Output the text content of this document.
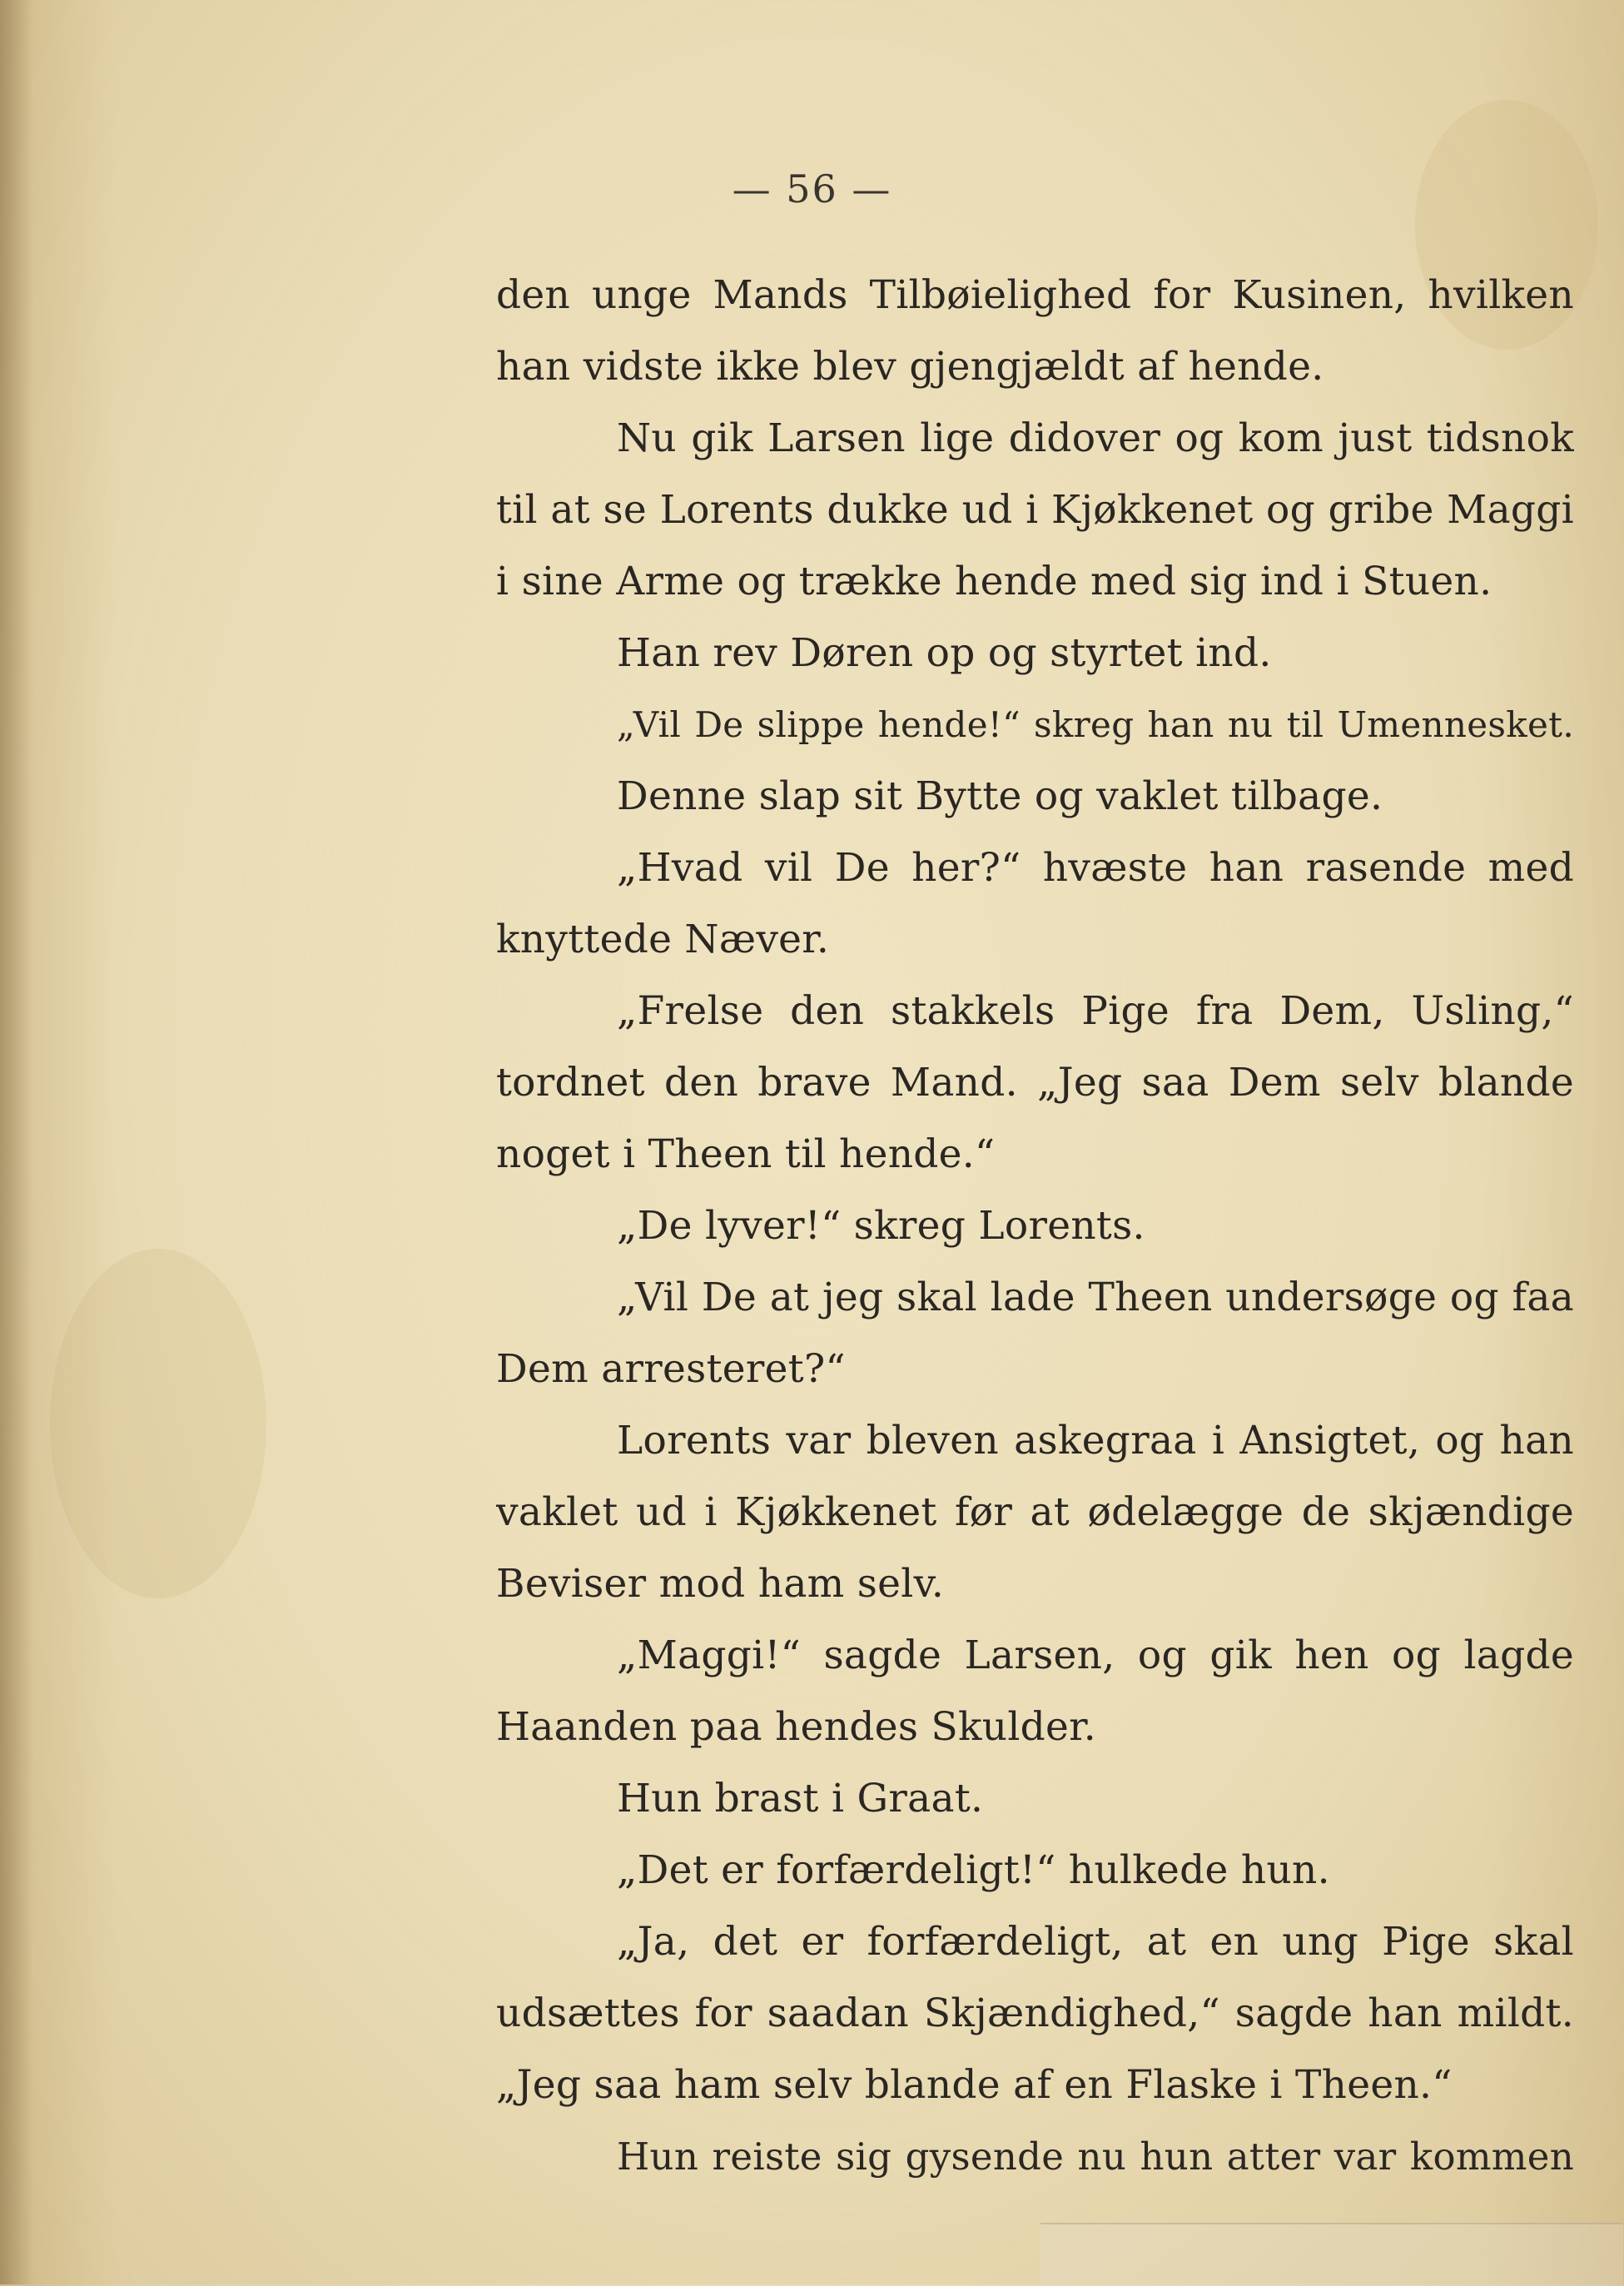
— 56 —
den unge Mands Tilbøielighed for Kusinen, hvilken
han vidste ikke blev gjengjældt af hende.
Nu gik Larsen lige didover og kom just tidsnok
til at se Lorents dukke ud i Kjøkkenet og gribe Maggi
i sine Arme og trække hende med sig ind i Stuen.
Han rev Døren op og styrtet ind.
„Vil De slippe hende!“ skreg han nu til Umennesket.
Denne slap sit Bytte og vaklet tilbage.
„Hvad vil De her?“ hvæste han rasende med
knyttede Næver.
„Frelse den stakkels Pige fra Dem, Usling,“
tordnet den brave Mand. „Jeg saa Dem selv blande
noget i Theen til hende.“
„De lyver!“ skreg Lorents.
„Vil De at jeg skal lade Theen undersøge og faa
Dem arresteret?“
Lorents var bleven askegraa i Ansigtet, og han
vaklet ud i Kjøkkenet før at ødelægge de skjændige
Beviser mod ham selv.
„Maggi!“ sagde Larsen, og gik hen og lagde
Haanden paa hendes Skulder.
Hun brast i Graat.
„Det er forfærdeligt!“ hulkede hun.
„Ja, det er forfærdeligt, at en ung Pige skal
udsættes for saadan Skjændighed,“ sagde han mildt.
„Jeg saa ham selv blande af en Flaske i Theen.“
Hun reiste sig gysende nu hun atter var kommen
